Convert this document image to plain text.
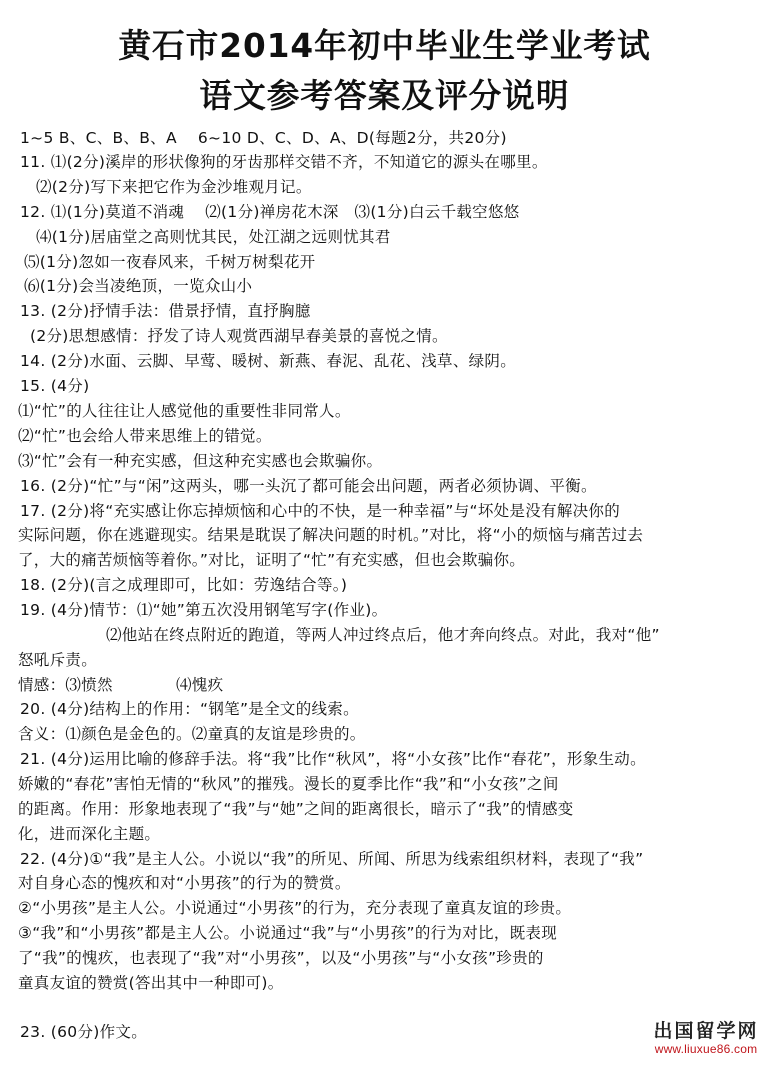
黄石市2014年初中毕业生学业考试
语文参考答案及评分说明
1~5 B、C、B、B、A　 6~10 D、C、D、A、D(每题2分，共20分)
11. ⑴(2分)溪岸的形状像狗的牙齿那样交错不齐，不知道它的源头在哪里。
⑵(2分)写下来把它作为金沙堆观月记。
12. ⑴(1分)莫道不消魂　 ⑵(1分)禅房花木深　⑶(1分)白云千载空悠悠
⑷(1分)居庙堂之高则忧其民，处江湖之远则忧其君
⑸(1分)忽如一夜春风来，千树万树梨花开
⑹(1分)会当凌绝顶，一览众山小
13. (2分)抒情手法：借景抒情，直抒胸臆
(2分)思想感情：抒发了诗人观赏西湖早春美景的喜悦之情。
14. (2分)水面、云脚、早莺、暖树、新燕、春泥、乱花、浅草、绿阴。
15. (4分)
⑴“忙”的人往往让人感觉他的重要性非同常人。
⑵“忙”也会给人带来思维上的错觉。
⑶“忙”会有一种充实感，但这种充实感也会欺骗你。
16. (2分)“忙”与“闲”这两头，哪一头沉了都可能会出问题，两者必须协调、平衡。
17. (2分)将“充实感让你忘掉烦恼和心中的不快，是一种幸福”与“坏处是没有解决你的
实际问题，你在逃避现实。结果是耽误了解决问题的时机。”对比，将“小的烦恼与痛苦过去
了，大的痛苦烦恼等着你。”对比，证明了“忙”有充实感，但也会欺骗你。
18. (2分)(言之成理即可，比如：劳逸结合等。)
19. (4分)情节：⑴“她”第五次没用钢笔写字(作业)。
⑵他站在终点附近的跑道，等两人冲过终点后，他才奔向终点。对此，我对“他”
怒吼斥责。
情感：⑶愤然　　　　⑷愧疚
20. (4分)结构上的作用：“钢笔”是全文的线索。
含义：⑴颜色是金色的。⑵童真的友谊是珍贵的。
21. (4分)运用比喻的修辞手法。将“我”比作“秋风”，将“小女孩”比作“春花”，形象生动。
娇嫩的“春花”害怕无情的“秋风”的摧残。漫长的夏季比作“我”和“小女孩”之间
的距离。作用：形象地表现了“我”与“她”之间的距离很长，暗示了“我”的情感变
化，进而深化主题。
22. (4分)①“我”是主人公。小说以“我”的所见、所闻、所思为线索组织材料，表现了“我”
对自身心态的愧疚和对“小男孩”的行为的赞赏。
②“小男孩”是主人公。小说通过“小男孩”的行为，充分表现了童真友谊的珍贵。
③“我”和“小男孩”都是主人公。小说通过“我”与“小男孩”的行为对比，既表现
了“我”的愧疚，也表现了“我”对“小男孩”，以及“小男孩”与“小女孩”珍贵的
童真友谊的赞赏(答出其中一种即可)。
23. (60分)作文。	出国留学网
www.liuxue86.com
